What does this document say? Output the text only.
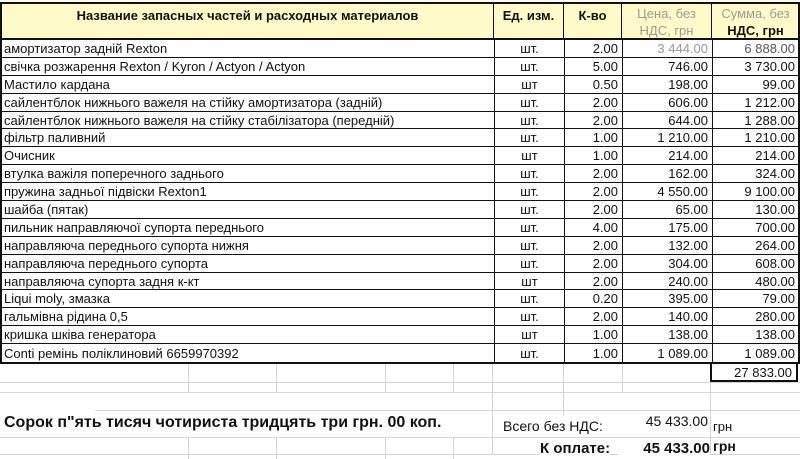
Название запасных частей и расходных материалов	Ед. изм.	К-во	Цена, без НДС, грн
Сумма, без
НДС, грн
амортизатор задній Rexton	шт.	2.00	3 444.00	6 888.00
свічка розжарення Rexton / Kyron / Actyon / Actyon	шт.	5.00	746.00	3 730.00
Мастило кардана	шт	0.50	198.00	99.00
сайлентблок нижнього важеля на стійку амортизатора (задній)	шт.	2.00	606.00	1 212.00
сайлентблок нижнього важеля на стійку стабілізатора (передній)	шт.	2.00	644.00	1 288.00
фільтр паливний	шт.	1.00	1 210.00	1 210.00
Очисник	шт	1.00	214.00	214.00
втулка важіля поперечного заднього	шт.	2.00	162.00	324.00
пружина задньої підвіски Rexton1	шт.	2.00	4 550.00	9 100.00
шайба (пятак)	шт.	2.00	65.00	130.00
пильник направляючої супорта переднього	шт.	4.00	175.00	700.00
направляюча переднього супорта нижня	шт.	2.00	132.00	264.00
направляюча переднього супорта	шт.	2.00	304.00	608.00
направляюча супорта задня к-кт	шт	2.00	240.00	480.00
Liqui moly, змазка	шт.	0.20	395.00	79.00
гальмівна рідина 0,5	шт.	2.00	140.00	280.00
кришка шківа генератора	шт	1.00	138.00	138.00
Conti ремінь поліклиновий 6659970392	шт.	1.00	1 089.00	1 089.00
27 833.00
Сорок п"ять тисяч чотириста тридцять три грн. 00 коп.	Всего без НДС:	45 433.00 грн
К оплате:	45 433.00 грн
